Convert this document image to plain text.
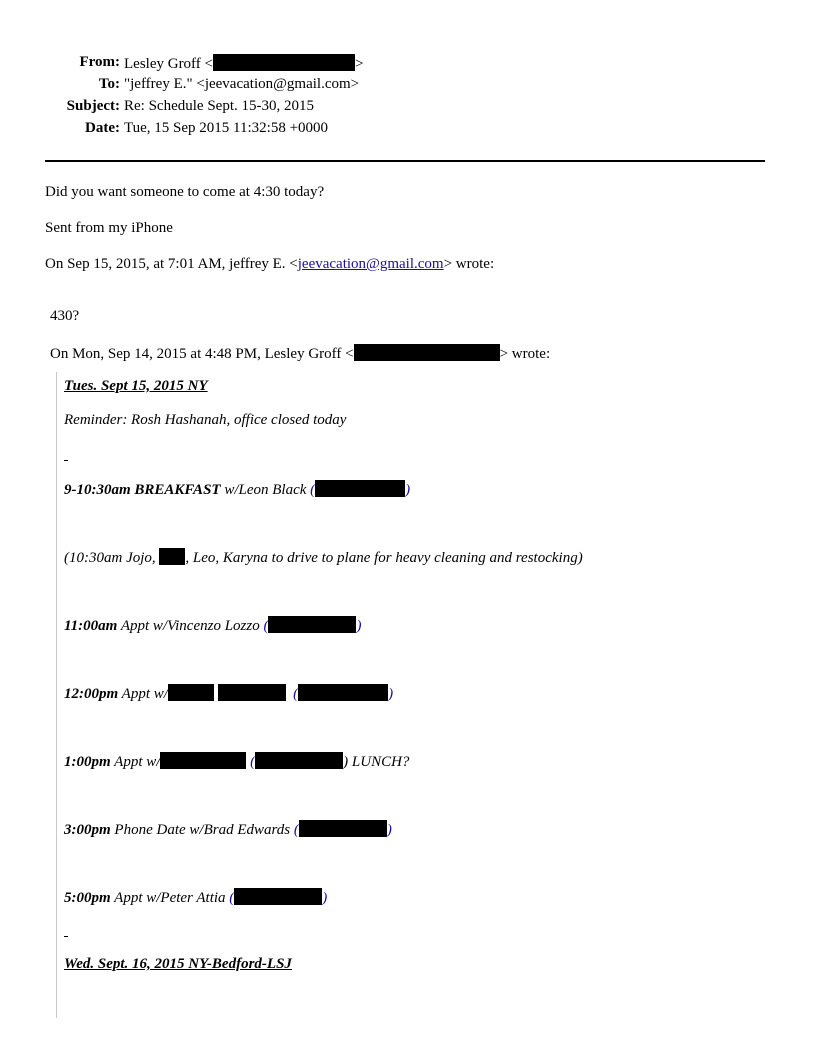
From: Lesley Groff <	>
To: "jeffrey E." <jeevacation@gmail.com>
Subject: Re: Schedule Sept. 15-30, 2015
Date: Tue, 15 Sep 2015 11:32:58 +0000
Did you want someone to come at 4:30 today?
Sent from my iPhone
On Sep 15, 2015, at 7:01 AM, jeffrey E. <jeevacation@gmail.com> wrote:
430?
On Mon, Sep 14, 2015 at 4:48 PM, Lesley Groff <	> wrote:
Tues. Sept 15, 2015 NY
Reminder: Rosh Hashanah, office closed today
9-10:30am BREAKFAST w/Leon Black (	)
(10:30am Jojo, , Leo, Karyna to drive to plane for heavy cleaning and restocking)
11:00am Appt w/Vincenzo Lozzo (	)
12:00pm Appt w/	(	)
1:00pm Appt w/	(	) LUNCH?
3:00pm Phone Date w/Brad Edwards (	)
5:00pm Appt w/Peter Attia (	)
Wed. Sept. 16, 2015 NY-Bedford-LSJ
